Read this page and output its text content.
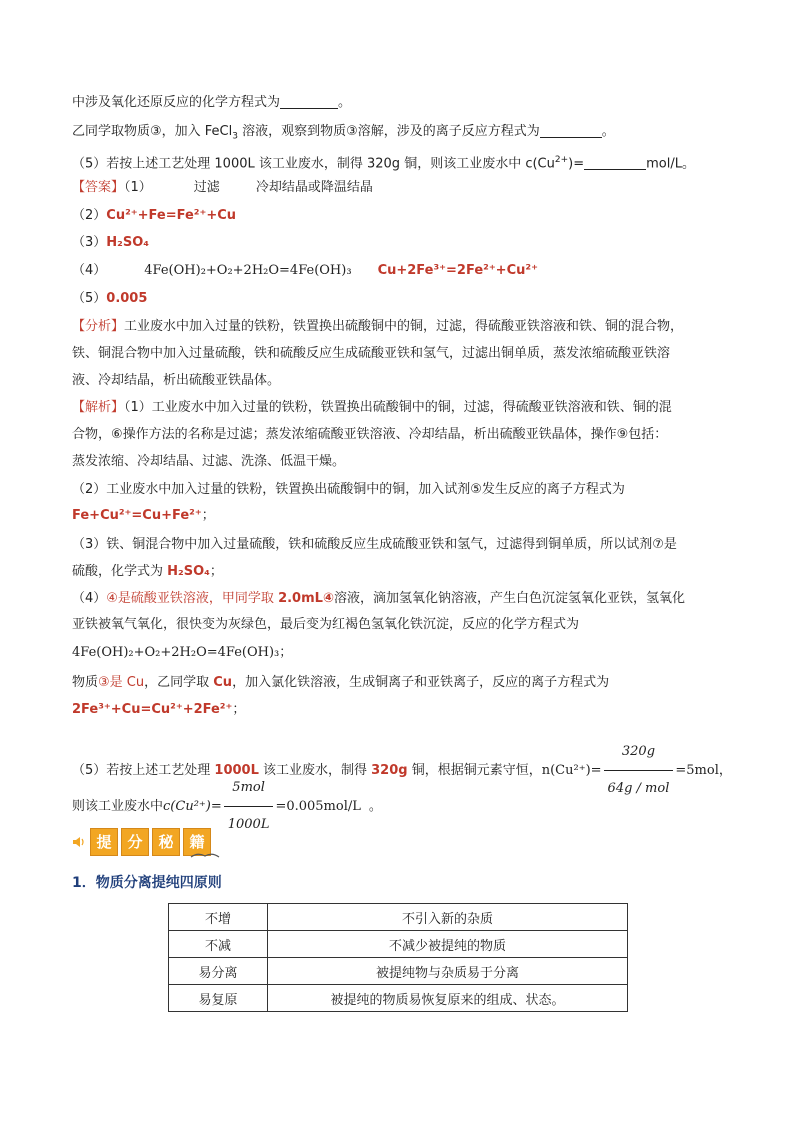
中涉及氧化还原反应的化学方程式为	。
乙同学取物质③，加入 FeCl$_3$ 溶液，观察到物质③溶解，涉及的离子反应方程式为	。
（5）若按上述工艺处理 1000L 该工业废水，制得 320g 铜，则该工业废水中 $c(Cu^{2+})=$	mol/L。
【答案】（1）	过滤	冷却结晶或降温结晶
（2）Cu²⁺+Fe=Fe²⁺+Cu
（3）H₂SO₄
（4）	4Fe(OH)₂+O₂+2H₂O=4Fe(OH)₃ Cu+2Fe³⁺=2Fe²⁺+Cu²⁺
（5）0.005
【分析】工业废水中加入过量的铁粉，铁置换出硫酸铜中的铜，过滤，得硫酸亚铁溶液和铁、铜的混合物，
铁、铜混合物中加入过量硫酸，铁和硫酸反应生成硫酸亚铁和氢气，过滤出铜单质，蒸发浓缩硫酸亚铁溶
液、冷却结晶，析出硫酸亚铁晶体。
【解析】（1）工业废水中加入过量的铁粉，铁置换出硫酸铜中的铜，过滤，得硫酸亚铁溶液和铁、铜的混
合物，⑥操作方法的名称是过滤；蒸发浓缩硫酸亚铁溶液、冷却结晶，析出硫酸亚铁晶体，操作⑨包括：
蒸发浓缩、冷却结晶、过滤、洗涤、低温干燥。
（2）工业废水中加入过量的铁粉，铁置换出硫酸铜中的铜，加入试剂⑤发生反应的离子方程式为
Fe+Cu²⁺=Cu+Fe²⁺；
（3）铁、铜混合物中加入过量硫酸，铁和硫酸反应生成硫酸亚铁和氢气，过滤得到铜单质，所以试剂⑦是
硫酸，化学式为 H₂SO₄；
（4）④是硫酸亚铁溶液，甲同学取 2.0mL④溶液，滴加氢氧化钠溶液，产生白色沉淀氢氧化亚铁，氢氧化
亚铁被氧气氧化，很快变为灰绿色，最后变为红褐色氢氧化铁沉淀，反应的化学方程式为
4Fe(OH)₂+O₂+2H₂O=4Fe(OH)₃；
物质③是 Cu，乙同学取 Cu，加入氯化铁溶液，生成铜离子和亚铁离子，反应的离子方程式为
2Fe³⁺+Cu=Cu²⁺+2Fe²⁺；
（5）若按上述工艺处理 1000L 该工业废水，制得 320g 铜，根据铜元素守恒，$n(Cu^{2+})= \frac{320g}{\text{64g / mol}} =5mol$，
则该工业废水中$c(Cu^{2+})= \frac{\text{5mol}}{1000L} =0.005mol/L$ 。
提	分	秘	籍
1．物质分离提纯四原则
不增	不引入新的杂质
不减	不减少被提纯的物质
易分离	被提纯物与杂质易于分离
易复原	被提纯的物质易恢复原来的组成、状态。
